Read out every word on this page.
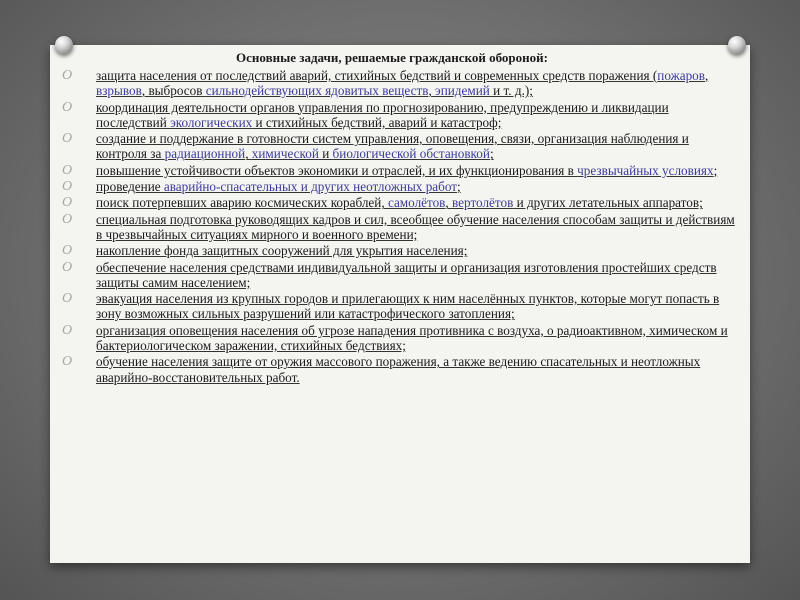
Основные задачи, решаемые гражданской обороной:
O защита населения от последствий аварий, стихийных бедствий и современных средств поражения (пожаров, взрывов, выбросов сильнодействующих ядовитых веществ, эпидемий и т. д.);
O координация деятельности органов управления по прогнозированию, предупреждению и ликвидации последствий экологических и стихийных бедствий, аварий и катастроф;
O создание и поддержание в готовности систем управления, оповещения, связи, организация наблюдения и контроля за радиационной, химической и биологической обстановкой;
O повышение устойчивости объектов экономики и отраслей, и их функционирования в чрезвычайных условиях;
O проведение аварийно-спасательных и других неотложных работ;
O поиск потерпевших аварию космических кораблей, самолётов, вертолётов и других летательных аппаратов;
O специальная подготовка руководящих кадров и сил, всеобщее обучение населения способам защиты и действиям в чрезвычайных ситуациях мирного и военного времени;
O накопление фонда защитных сооружений для укрытия населения;
O обеспечение населения средствами индивидуальной защиты и организация изготовления простейших средств защиты самим населением;
O эвакуация населения из крупных городов и прилегающих к ним населённых пунктов, которые могут попасть в зону возможных сильных разрушений или катастрофического затопления;
O организация оповещения населения об угрозе нападения противника с воздуха, о радиоактивном, химическом и бактериологическом заражении, стихийных бедствиях;
O обучение населения защите от оружия массового поражения, а также ведению спасательных и неотложных аварийно-восстановительных работ.
